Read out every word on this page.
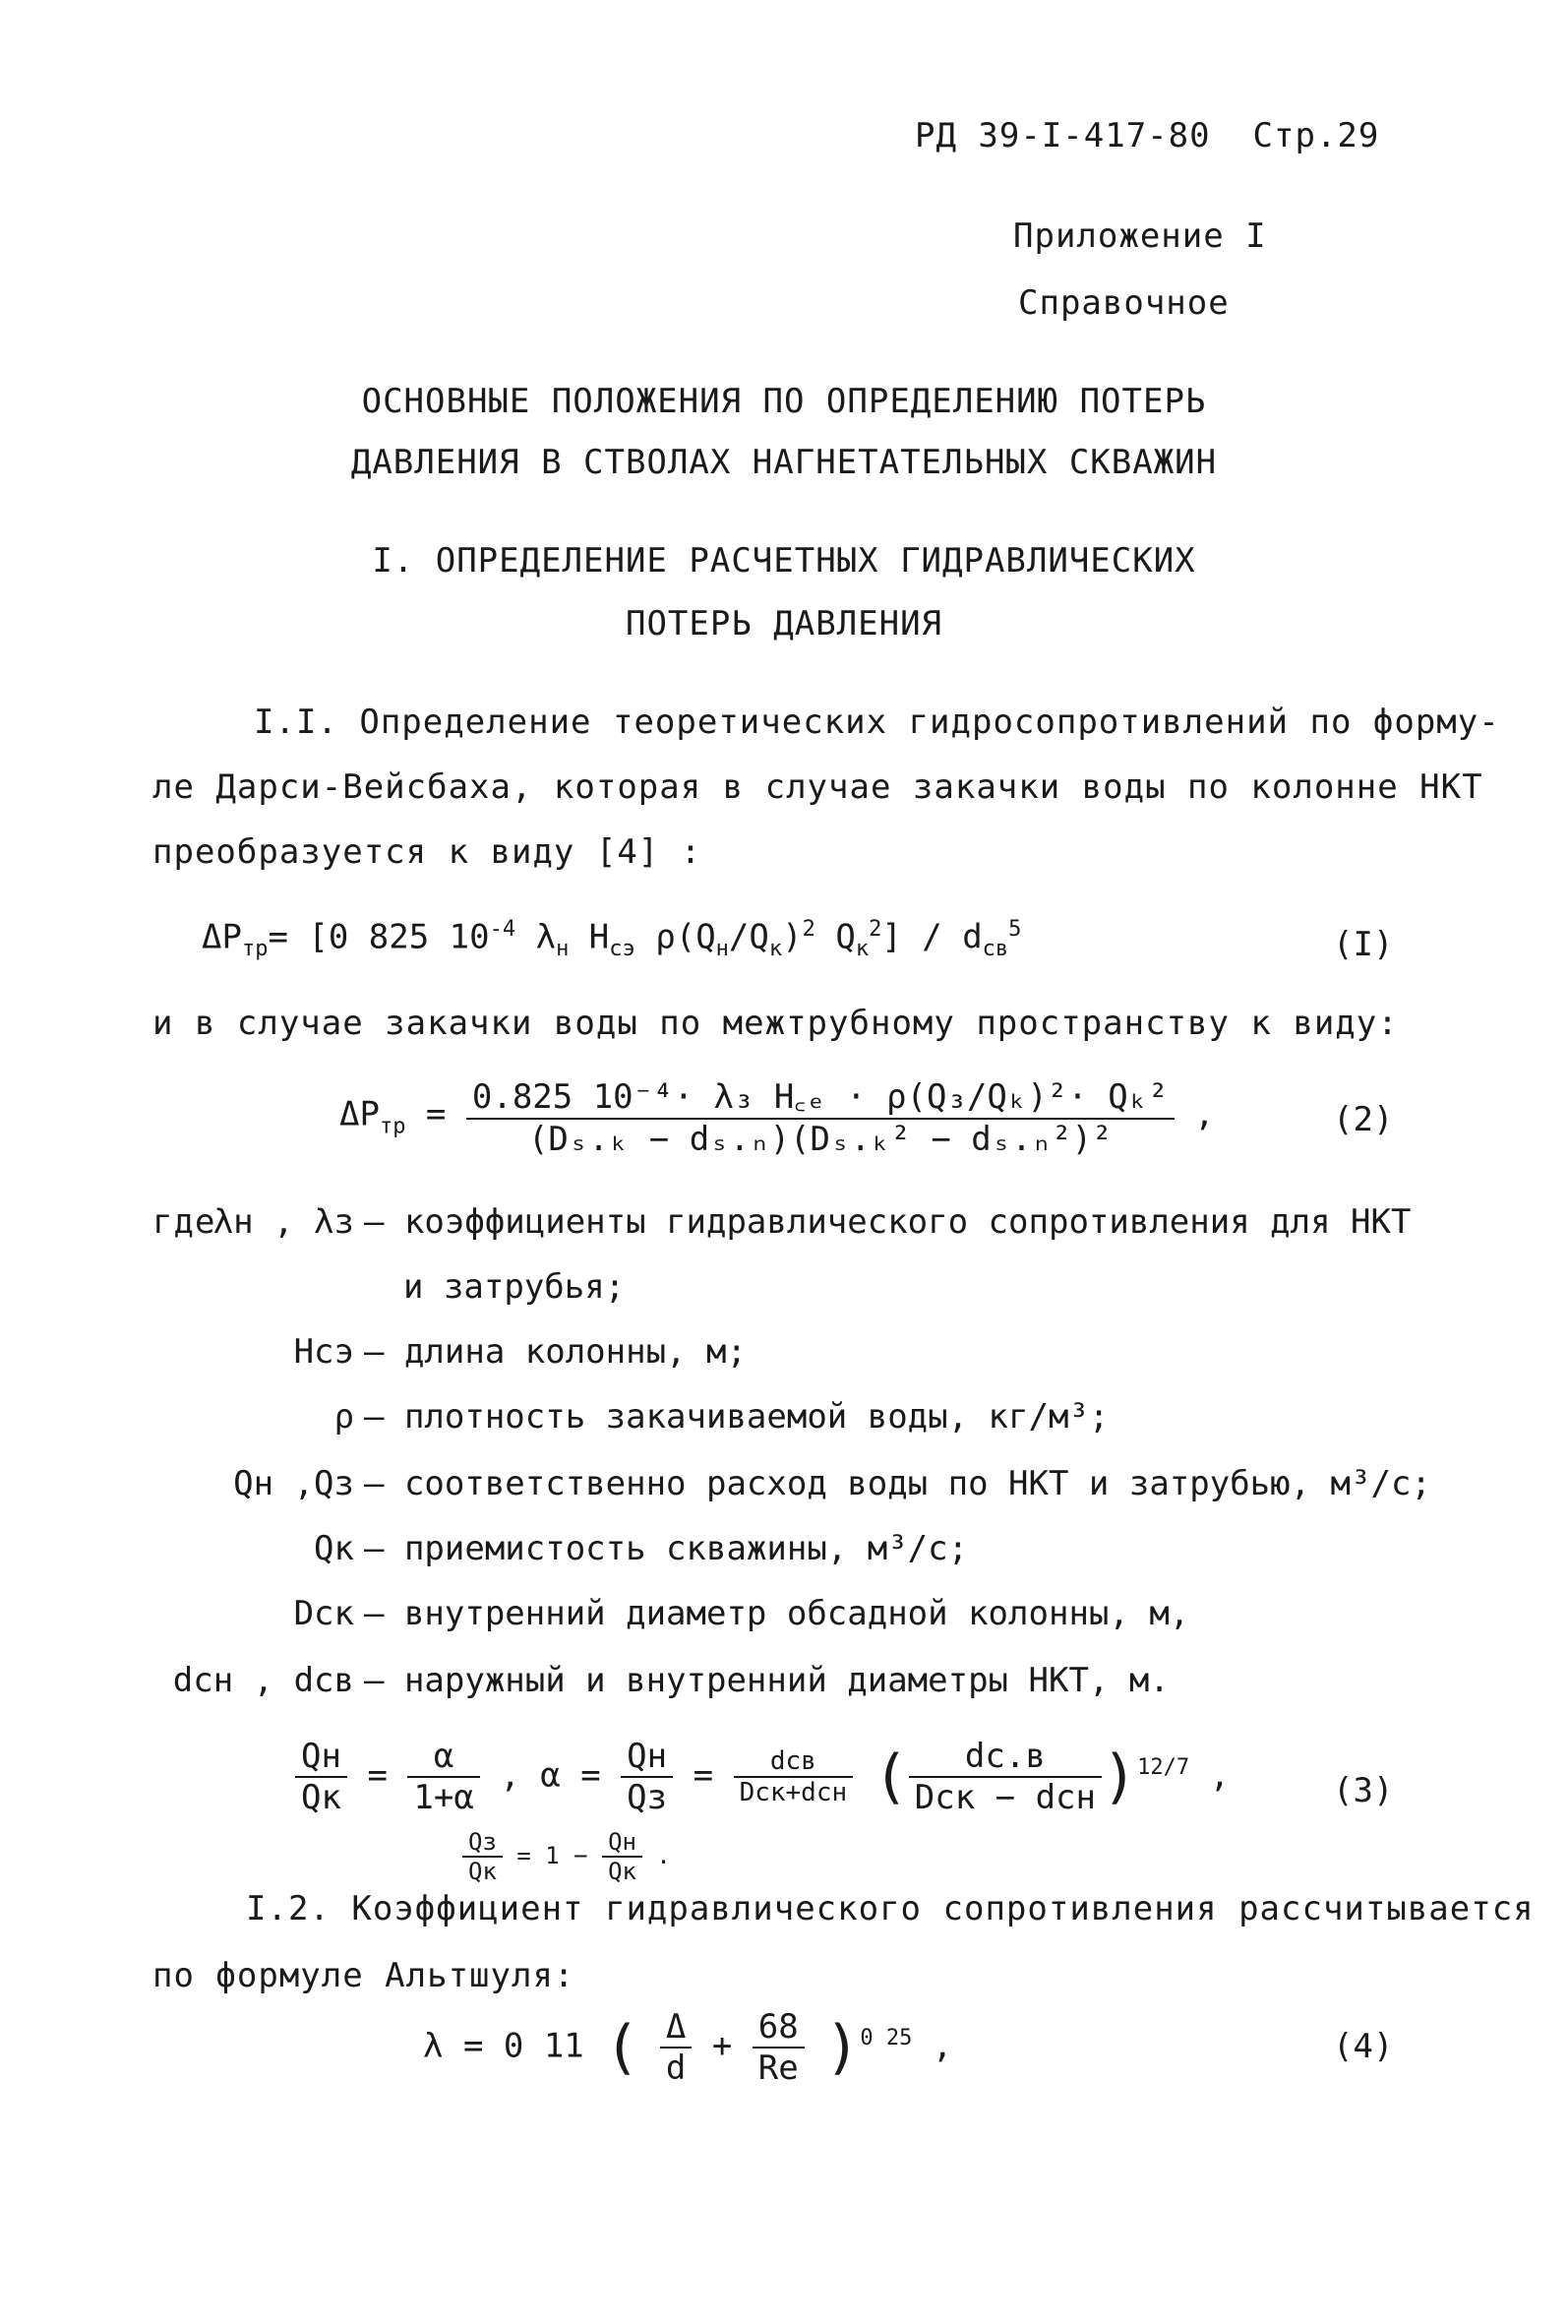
РД 39-I-417-80 Стр.29
Приложение I
Справочное
ОСНОВНЫЕ ПОЛОЖЕНИЯ ПО ОПРЕДЕЛЕНИЮ ПОТЕРЬ
ДАВЛЕНИЯ В СТВОЛАХ НАГНЕТАТЕЛЬНЫХ СКВАЖИН
I. ОПРЕДЕЛЕНИЕ РАСЧЕТНЫХ ГИДРАВЛИЧЕСКИХ
ПОТЕРЬ ДАВЛЕНИЯ
I.I. Определение теоретических гидросопротивлений по форму-
ле Дарси-Вейсбаха, которая в случае закачки воды по колонне НКТ
преобразуется к виду [4] :
$\Delta P_{тр}= [0$ 825 $10^{-4}$ $\lambda_н$ $H_{сэ}$ $\rho(Q_н/Q_к)^2$ $Q_к^2] / d_{св}^5$	(I)
и в случае закачки воды по межтрубному пространству к виду:
$\Delta P_{тр} = \frac{\text{0.825 10⁻⁴· λ₃ H꜀ₑ · ρ(Q₃/Qₖ)²· Qₖ²}}{\text{(Dₛ.ₖ − dₛ.ₙ)(Dₛ.ₖ² − dₛ.ₙ²)²}}$ ,	(2)
где
λн , λз – коэффициенты гидравлического сопротивления для НКТ
и затрубья;
Hсэ – длина колонны, м;
ρ – плотность закачиваемой воды, кг/м³;
Qн ,Qз – соответственно расход воды по НКТ и затрубью, м³/с;
Qк – приемистость скважины, м³/с;
Dск – внутренний диаметр обсадной колонны, м,
dсн , dсв – наружный и внутренний диаметры НКТ, м.
$\frac{Qн}{Qк} = \frac{\alpha}{1+\alpha}$ , $\alpha = \frac{Qн}{Qз} = \frac{\text{dсв}}{\text{Dск+dсн}}$ ( $\frac{dс.в}{\text{Dск − dсн}} )^{12/7}$ ,	(3)
$\frac{Qз}{Qк} = 1 - \frac{Qн}{Qк}$ .
I.2. Коэффициент гидравлического сопротивления рассчитывается
по формуле Альтшуля:
λ = 0 11 ( $\frac{\Delta}{d} + \frac{68}{Re} )^{0 25}$ ,	(4)
